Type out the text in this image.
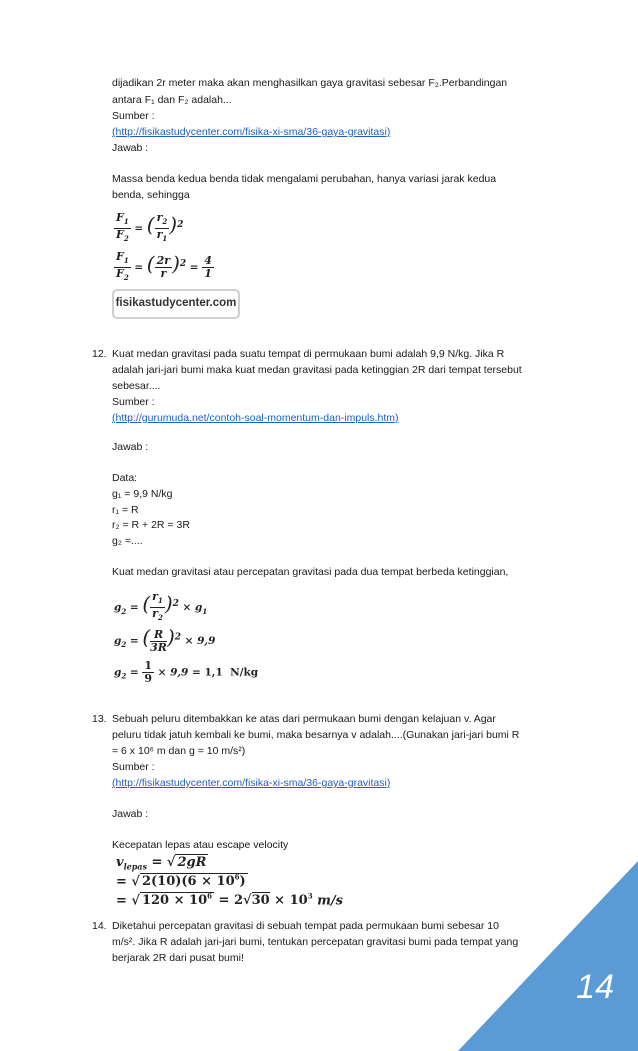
dijadikan 2r meter maka akan menghasilkan gaya gravitasi sebesar F₂.Perbandingan
antara F₁ dan F₂ adalah...
Sumber :
(http://fisikastudycenter.com/fisika-xi-sma/36-gaya-gravitasi)
Jawab :
Massa benda kedua benda tidak mengalami perubahan, hanya variasi jarak kedua
benda, sehingga
$\frac{F_1}{F_2}$ = ( $\frac{r_2}{r_1} )^2$
$\frac{F_1}{F_2}$ = ( $\frac{2r}{r} )^2 = \frac{4}{1}$
fisikastudycenter.com
12. Kuat medan gravitasi pada suatu tempat di permukaan bumi adalah 9,9 N/kg. Jika R
adalah jari-jari bumi maka kuat medan gravitasi pada ketinggian 2R dari tempat tersebut
sebesar....
Sumber :
(http://gurumuda.net/contoh-soal-momentum-dan-impuls.htm)
Jawab :
Data:
g₁ = 9,9 N/kg
r₁ = R
r₂ = R + 2R = 3R
g₂ =....
Kuat medan gravitasi atau percepatan gravitasi pada dua tempat berbeda ketinggian,
$g_2$ = ( $\frac{r_1}{r_2} )^2 \times g_1$
$g_2$ = ( $\frac{R}{3R} )^2 \times 9,9$
$g_2 = \frac{1}{9} \times 9,9 = 1,1$  N/kg
13. Sebuah peluru ditembakkan ke atas dari permukaan bumi dengan kelajuan v. Agar
peluru tidak jatuh kembali ke bumi, maka besarnya v adalah....(Gunakan jari-jari bumi R
= 6 x 10⁶ m dan g = 10 m/s²)
Sumber :
(http://fisikastudycenter.com/fisika-xi-sma/36-gaya-gravitasi)
Jawab :
Kecepatan lepas atau escape velocity
$v_{lepas}$ = √ 2gR
= √ $2(10)(6 \times 10^6)$
= √ $120 \times 10^6 = 2√30 \times 10^3$ m/s
14. Diketahui percepatan gravitasi di sebuah tempat pada permukaan bumi sebesar 10
m/s². Jika R adalah jari-jari bumi, tentukan percepatan gravitasi bumi pada tempat yang
berjarak 2R dari pusat bumi!
14
